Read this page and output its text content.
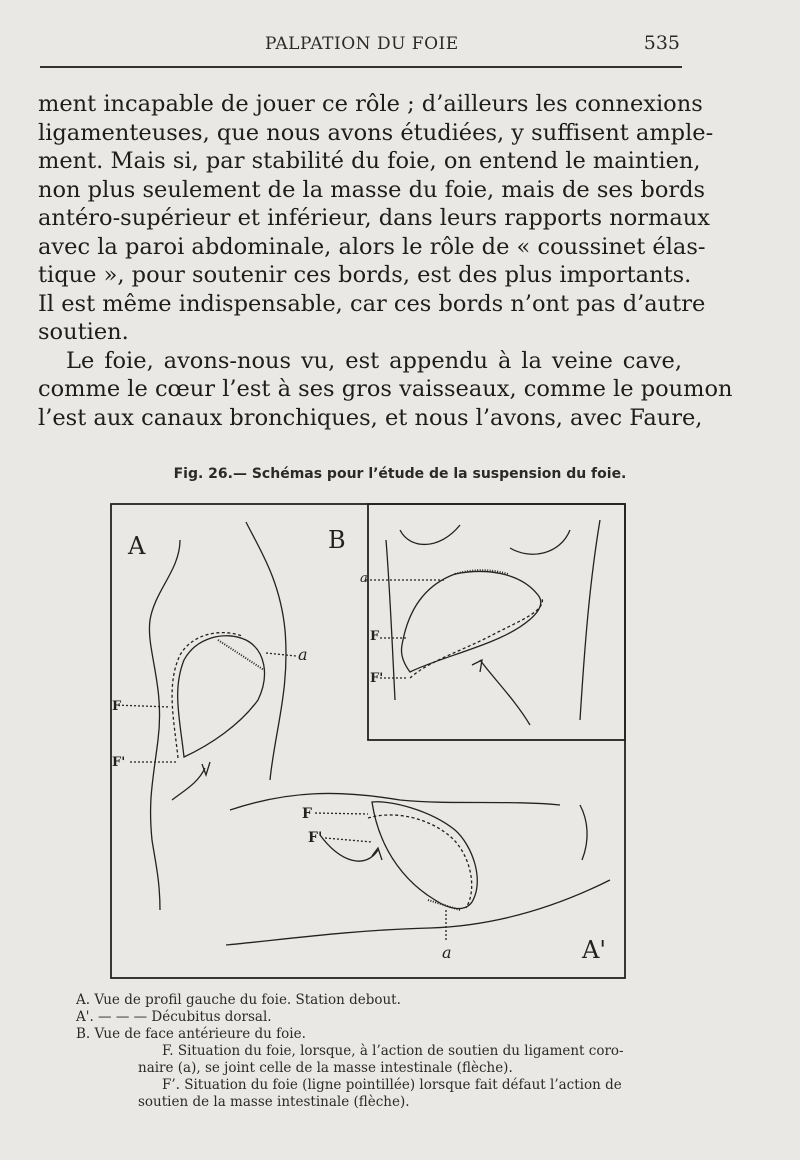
PALPATION DU FOIE	535
ment incapable de jouer ce rôle ; d’ailleurs les connexions
ligamenteuses, que nous avons étudiées, y suffisent ample-
ment. Mais si, par stabilité du foie, on entend le maintien,
non plus seulement de la masse du foie, mais de ses bords
antéro-supérieur et inférieur, dans leurs rapports normaux
avec la paroi abdominale, alors le rôle de « coussinet élas-
tique », pour soutenir ces bords, est des plus importants.
Il est même indispensable, car ces bords n’ont pas d’autre
soutien.
Le foie, avons-nous vu, est appendu à la veine cave,
comme le cœur l’est à ses gros vaisseaux, comme le poumon
l’est aux canaux bronchiques, et nous l’avons, avec Faure,
Fig. 26.— Schémas pour l’étude de la suspension du foie.
A	B
A'
F
F'
a
F
F'
a
F
F'
a
A. Vue de profil gauche du foie. Station debout.
A'. — — — Décubitus dorsal.
B. Vue de face antérieure du foie.
F. Situation du foie, lorsque, à l’action de soutien du ligament coro-
naire (a), se joint celle de la masse intestinale (flèche).
F’. Situation du foie (ligne pointillée) lorsque fait défaut l’action de
soutien de la masse intestinale (flèche).
